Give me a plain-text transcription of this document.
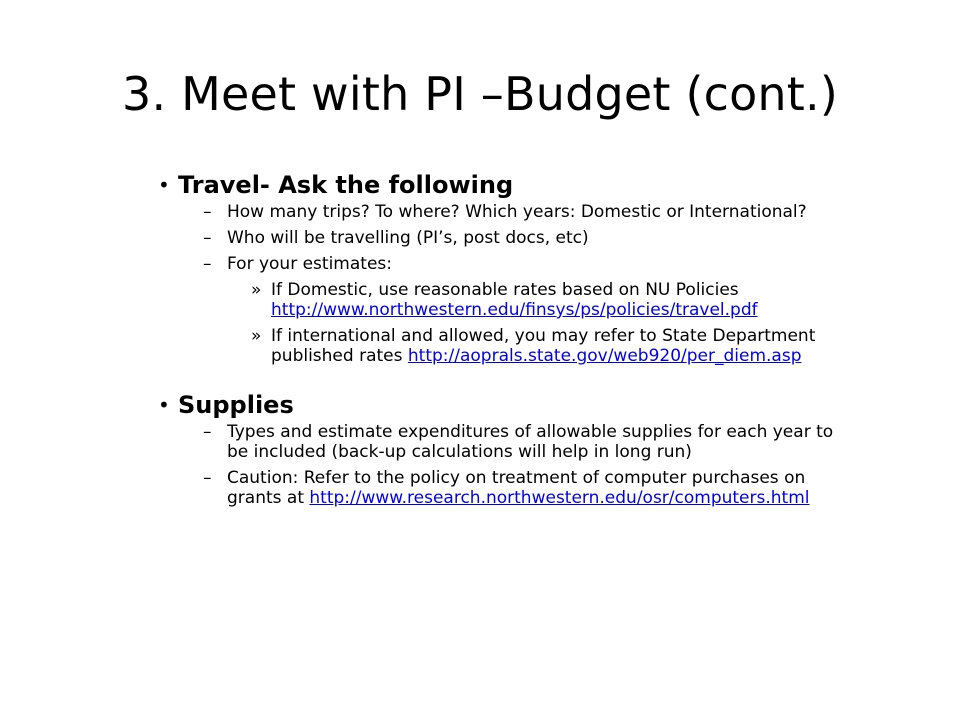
3. Meet with PI –Budget (cont.)
• Travel- Ask the following
– How many trips? To where? Which years: Domestic or International?
– Who will be travelling (PI’s, post docs, etc)
– For your estimates:
» If Domestic, use reasonable rates based on NU Policies
http://www.northwestern.edu/finsys/ps/policies/travel.pdf
» If international and allowed, you may refer to State Department
published rates http://aoprals.state.gov/web920/per_diem.asp
• Supplies
– Types and estimate expenditures of allowable supplies for each year to
be included (back-up calculations will help in long run)
– Caution: Refer to the policy on treatment of computer purchases on
grants at http://www.research.northwestern.edu/osr/computers.html
